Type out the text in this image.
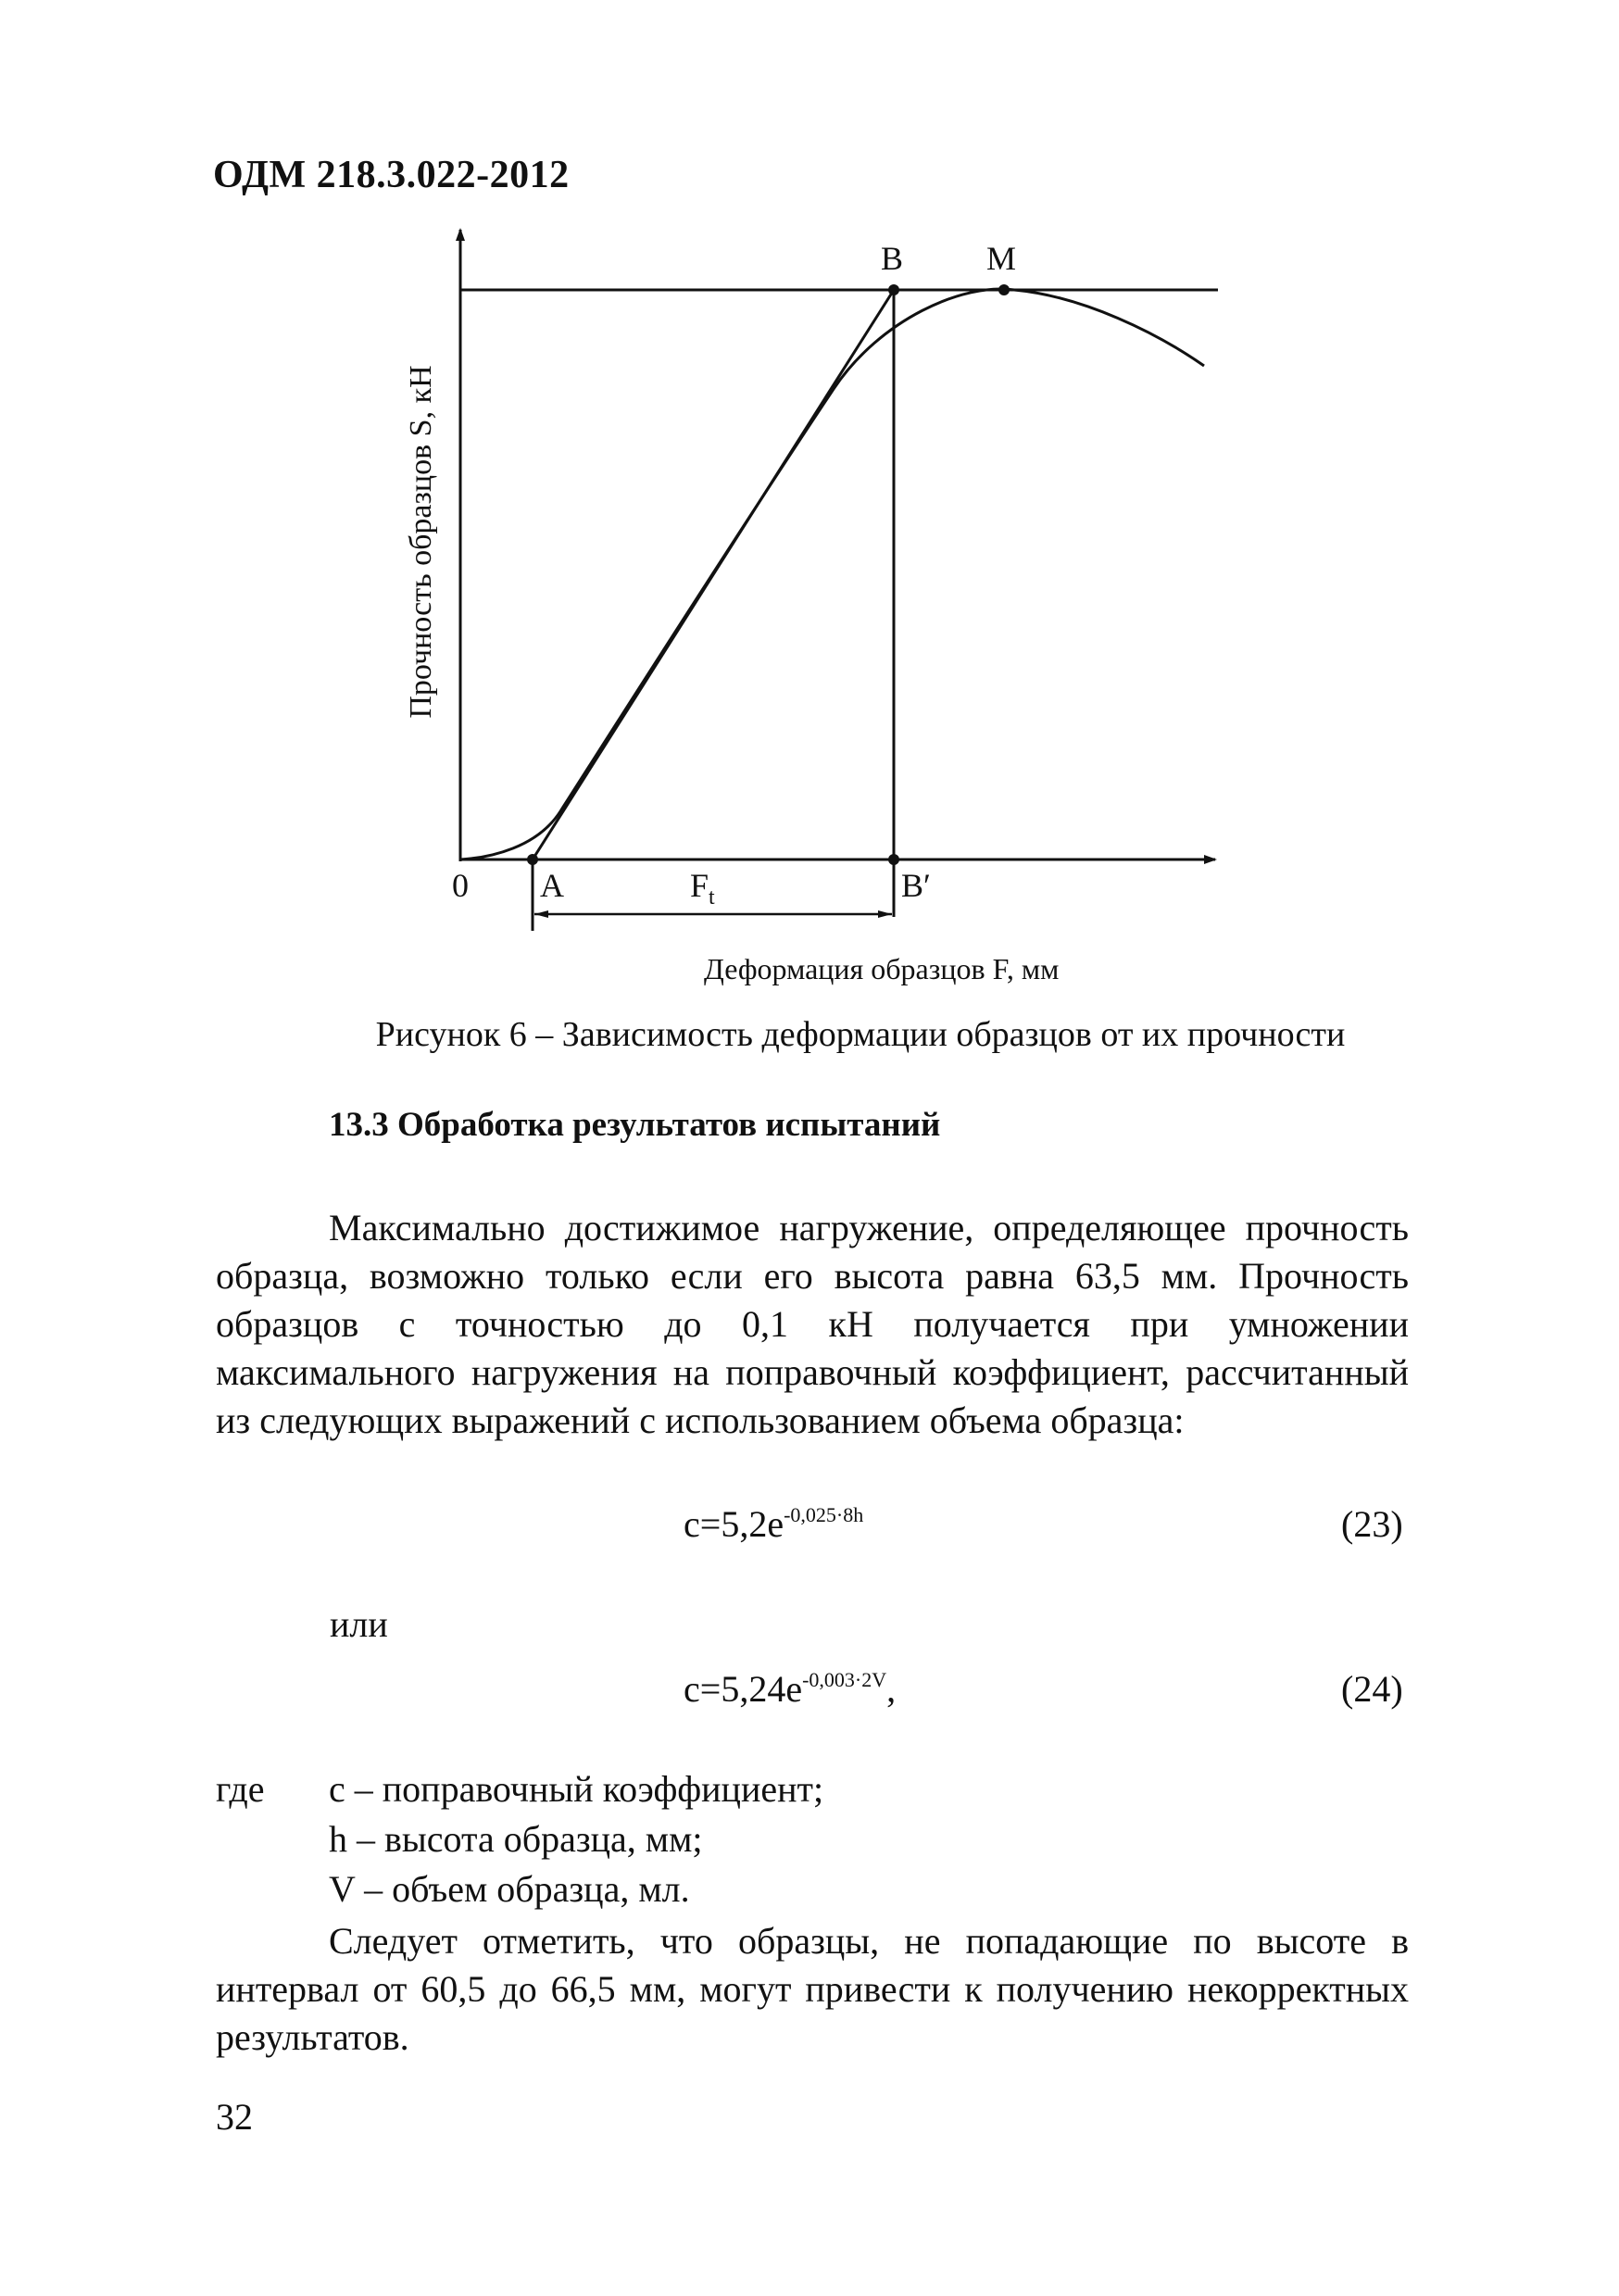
ОДМ 218.3.022-2012
Прочность образцов S, кН
B M
0 A	$F_t$	B′
Деформация образцов F, мм
Рисунок 6 – Зависимость деформации образцов от их прочности
13.3 Обработка результатов испытаний
Максимально достижимое нагружение, определяющее прочность образца, возможно только если его высота равна 63,5 мм. Прочность образцов с точностью до 0,1 кН получается при умножении максимального нагружения на поправочный коэффициент, рассчитанный из следующих выражений с использованием объема образца:
$c=5,2e^{-0,025\cdot 8h}$	(23)
или
$c=5,24e^{-0,003\cdot 2V}$,	(24)
где с – поправочный коэффициент;
h – высота образца, мм;
V – объем образца, мл.
Следует отметить, что образцы, не попадающие по высоте в интервал от 60,5 до 66,5 мм, могут привести к получению некорректных результатов.
32
